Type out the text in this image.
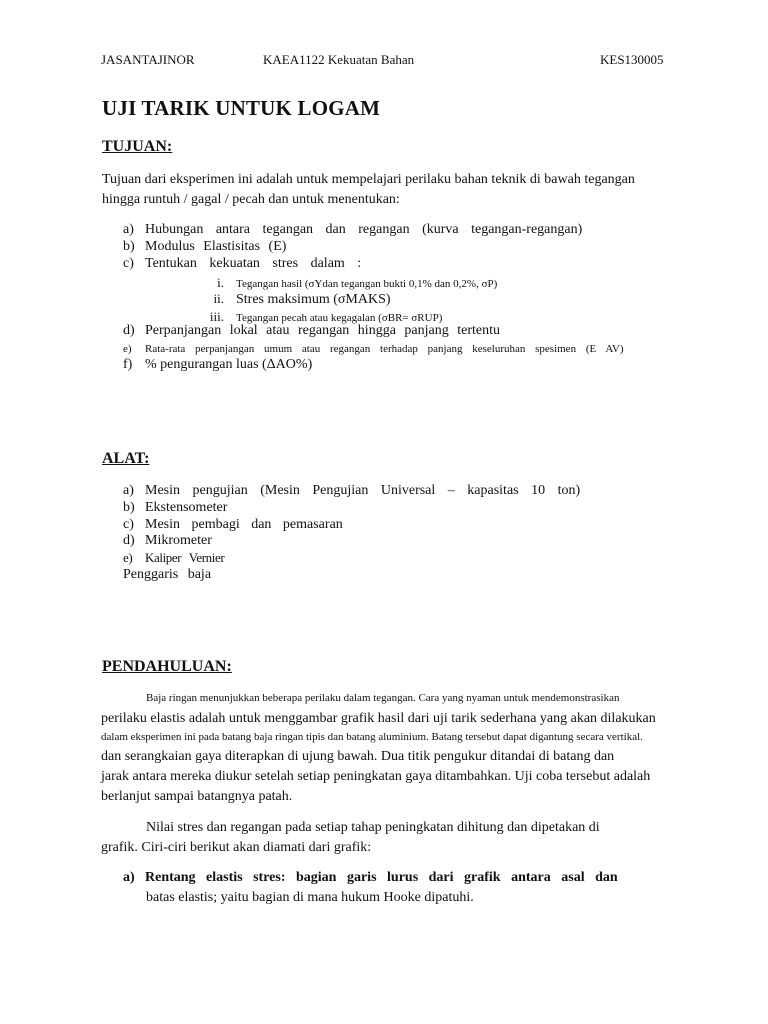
JASANTAJINOR	KAEA1122 Kekuatan Bahan	KES130005
UJI TARIK UNTUK LOGAM
TUJUAN:
Tujuan dari eksperimen ini adalah untuk mempelajari perilaku bahan teknik di bawah tegangan
hingga runtuh / gagal / pecah dan untuk menentukan:
a) Hubungan antara tegangan dan regangan (kurva tegangan-regangan)
b) Modulus Elastisitas (E)
c) Tentukan kekuatan stres dalam :
i. Tegangan hasil (σYdan tegangan bukti 0,1% dan 0,2%, σP)
ii. Stres maksimum (σMAKS)
iii. Tegangan pecah atau kegagalan (σBR= σRUP)
d) Perpanjangan lokal atau regangan hingga panjang tertentu
e) Rata-rata perpanjangan umum atau regangan terhadap panjang keseluruhan spesimen (E AV)
f) % pengurangan luas (ΔAO%)
ALAT:
a) Mesin pengujian (Mesin Pengujian Universal – kapasitas 10 ton)
b) Ekstensometer
c) Mesin pembagi dan pemasaran
d) Mikrometer
e) Kaliper Vernier
Penggaris baja
PENDAHULUAN:
Baja ringan menunjukkan beberapa perilaku dalam tegangan. Cara yang nyaman untuk mendemonstrasikan
perilaku elastis adalah untuk menggambar grafik hasil dari uji tarik sederhana yang akan dilakukan
dalam eksperimen ini pada batang baja ringan tipis dan batang aluminium. Batang tersebut dapat digantung secara vertikal.
dan serangkaian gaya diterapkan di ujung bawah. Dua titik pengukur ditandai di batang dan
jarak antara mereka diukur setelah setiap peningkatan gaya ditambahkan. Uji coba tersebut adalah
berlanjut sampai batangnya patah.
Nilai stres dan regangan pada setiap tahap peningkatan dihitung dan dipetakan di
grafik. Ciri-ciri berikut akan diamati dari grafik:
a) Rentang elastis stres: bagian garis lurus dari grafik antara asal dan
batas elastis; yaitu bagian di mana hukum Hooke dipatuhi.
